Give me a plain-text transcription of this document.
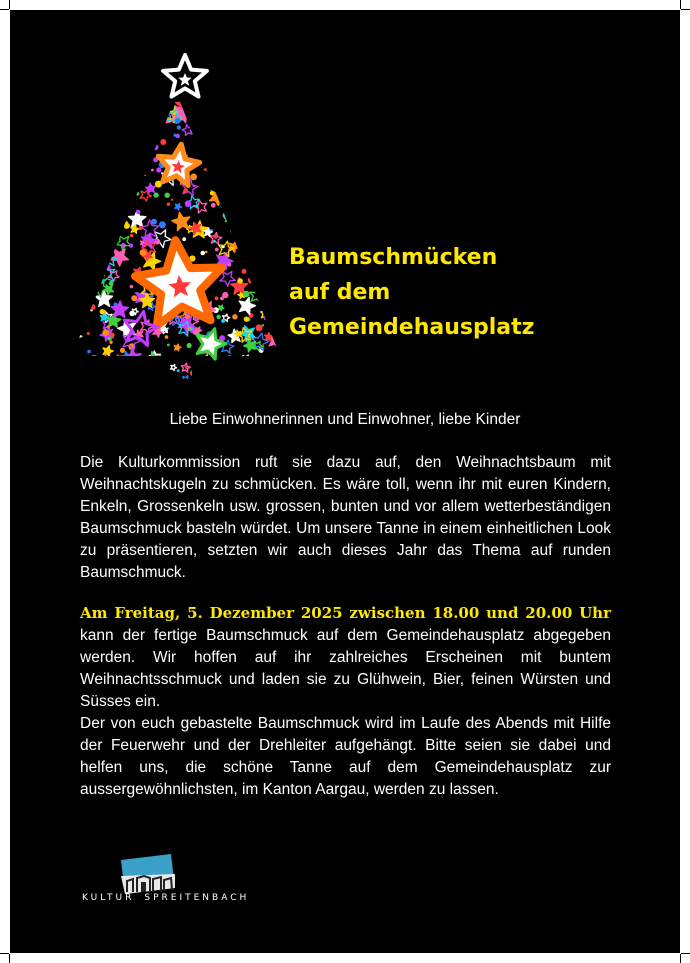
Baumschmücken
auf dem
Gemeindehausplatz

Liebe Einwohnerinnen und Einwohner, liebe Kinder

Die Kulturkommission ruft sie dazu auf, den Weihnachtsbaum mit Weihnachtskugeln zu schmücken. Es wäre toll, wenn ihr mit euren Kindern, Enkeln, Grossenkeln usw. grossen, bunten und vor allem wetterbeständigen Baumschmuck basteln würdet. Um unsere Tanne in einem einheitlichen Look zu präsentieren, setzten wir auch dieses Jahr das Thema auf runden Baumschmuck.

Am Freitag, 5. Dezember 2025 zwischen 18.00 und 20.00 Uhr kann der fertige Baumschmuck auf dem Gemeindehausplatz abgegeben werden. Wir hoffen auf ihr zahlreiches Erscheinen mit buntem Weihnachtsschmuck und laden sie zu Glühwein, Bier, feinen Würsten und Süsses ein.
Der von euch gebastelte Baumschmuck wird im Laufe des Abends mit Hilfe der Feuerwehr und der Drehleiter aufgehängt. Bitte seien sie dabei und helfen uns, die schöne Tanne auf dem Gemeindehausplatz zur aussergewöhnlichsten, im Kanton Aargau, werden zu lassen.

KULTUR SPREITENBACH
